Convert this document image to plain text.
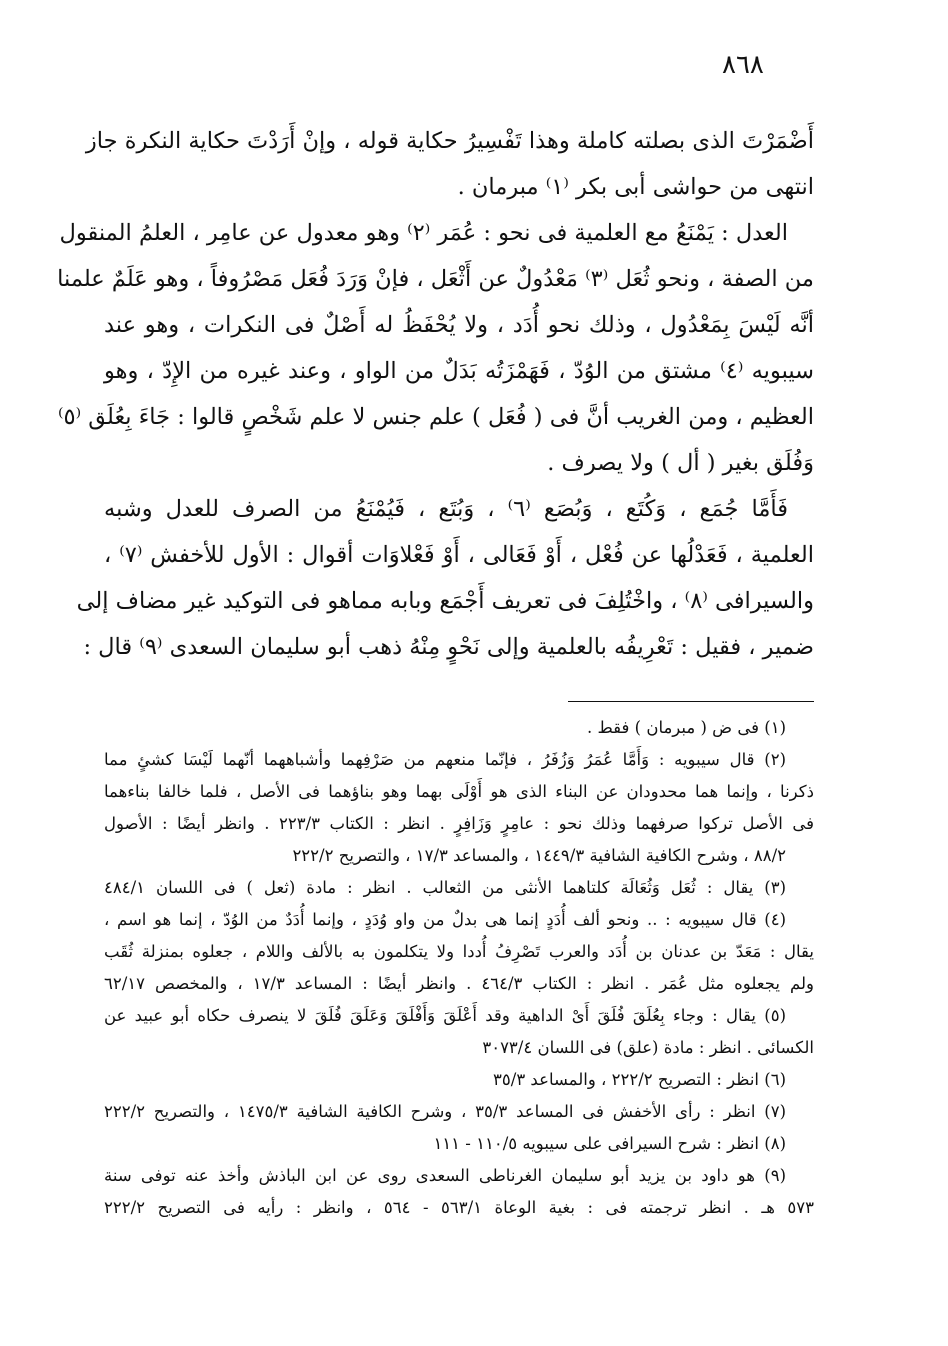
٨٦٨
أَضْمَرْتَ الذى بصلته كاملة وهذا تَفْسِيرُ حكاية قوله ، وإنْ أَرَدْتَ حكاية النكرة جاز
انتهى من حواشى أبى بكر ⁽١⁾ مبرمان .
العدل : يَمْنَعُ مع العلمية فى نحو : عُمَر ⁽٢⁾ وهو معدول عن عامِر ، العلمُ المنقول
من الصفة ، ونحو ثُعَل ⁽٣⁾ مَعْدُولٌ عن أَثْعَل ، فإنْ وَرَدَ فُعَل مَصْرُوفاً ، وهو عَلَمٌ علمنا
أنَّه لَيْسَ بِمَعْدُول ، وذلك نحو أُدَد ، ولا يُحْفَظُ له أَصْلٌ فى النكرات ، وهو عند
سيبويه ⁽٤⁾ مشتق من الوُدّ ، فَهَمْزَتُه بَدَلٌ من الواو ، وعند غيره من الإِدّ ، وهو
العظيم ، ومن الغريب أنَّ فى ( فُعَل ) علم جنس لا علم شَخْصٍ قالوا : جَاءَ بِعُلَق ⁽٥⁾
وَفُلَق بغير ( أل ) ولا يصرف .
فَأَمَّا جُمَع ، وَكُتَع ، وَبُصَع ⁽٦⁾ ، وَبُتَع ، فَيُمْنَعُ من الصرف للعدل وشبه
العلمية ، فَعَدْلُها عن فُعْل ، أَوْ فَعَالى ، أَوْ فَعْلاوَات أقوال : الأول للأخفش ⁽٧⁾ ،
والسيرافى ⁽٨⁾ ، واخْتُلِفَ فى تعريف أَجْمَع وبابه مماهو فى التوكيد غير مضاف إلى
ضمير ، فقيل : تَعْرِيفُه بالعلمية وإلى نَحْوٍ مِنْهُ ذهب أبو سليمان السعدى ⁽٩⁾ قال :
(١) فى ض ( مبرمان ) فقط .
(٢) قال سيبويه : وَأَمَّا عُمَرُ وَزُفَرُ ، فإنّما منعهم من صَرْفِهما وأشباههما أنّهما لَيْسَا كشئٍ مما
ذكرنا ، وإنما هما محدودان عن البناء الذى هو أَوْلَى بهما وهو بناؤهما فى الأصل ، فلما خالفا بناءهما
فى الأصل تركوا صرفهما وذلك نحو : عامِرٍ وَزَافِرٍ . انظر : الكتاب ٢٢٣/٣ . وانظر أيضًا : الأصول
٨٨/٢ ، وشرح الكافية الشافية ١٤٤٩/٣ ، والمساعد ١٧/٣ ، والتصريح ٢٢٢/٢
(٣) يقال : ثُعَل وَثُعَالَة كلتاهما الأنثى من الثعالب . انظر : مادة (ثعل ) فى اللسان ٤٨٤/١
(٤) قال سيبويه : .. ونحو ألف أُدَدٍ إنما هى بدلٌ من واو وُدَدٍ ، وإنما أُدَدٌ من الوُدّ ، إنما هو اسم ،
يقال : مَعَدّ بن عدنان بن أُدَد والعرب تَصْرِفُ أُددا ولا يتكلمون به بالألف واللام ، جعلوه بمنزلة ثُقَب
ولم يجعلوه مثل عُمَر . انظر : الكتاب ٤٦٤/٣ . وانظر أيضًا : المساعد ١٧/٣ ، والمخصص ٦٢/١٧
(٥) يقال : وجاء بِعُلَقَ فُلَقَ أَىْ الداهية وقد أَعْلَقَ وَأَفْلَقَ وَعَلَقَ فُلَقَ لا ينصرف حكاه أبو عبيد عن
الكسائى . انظر : مادة (علق) فى اللسان ٣٠٧٣/٤
(٦) انظر : التصريح ٢٢٢/٢ ، والمساعد ٣٥/٣
(٧) انظر : رأى الأخفش فى المساعد ٣٥/٣ ، وشرح الكافية الشافية ١٤٧٥/٣ ، والتصريح ٢٢٢/٢
(٨) انظر : شرح السيرافى على سيبويه ١١٠/٥ - ١١١
(٩) هو داود بن يزيد أبو سليمان الغرناطى السعدى روى عن ابن الباذش وأخذ عنه توفى سنة
٥٧٣ هـ . انظر ترجمته فى : بغية الوعاة ٥٦٣/١ - ٥٦٤ ، وانظر : رأيه فى التصريح ٢٢٢/٢
